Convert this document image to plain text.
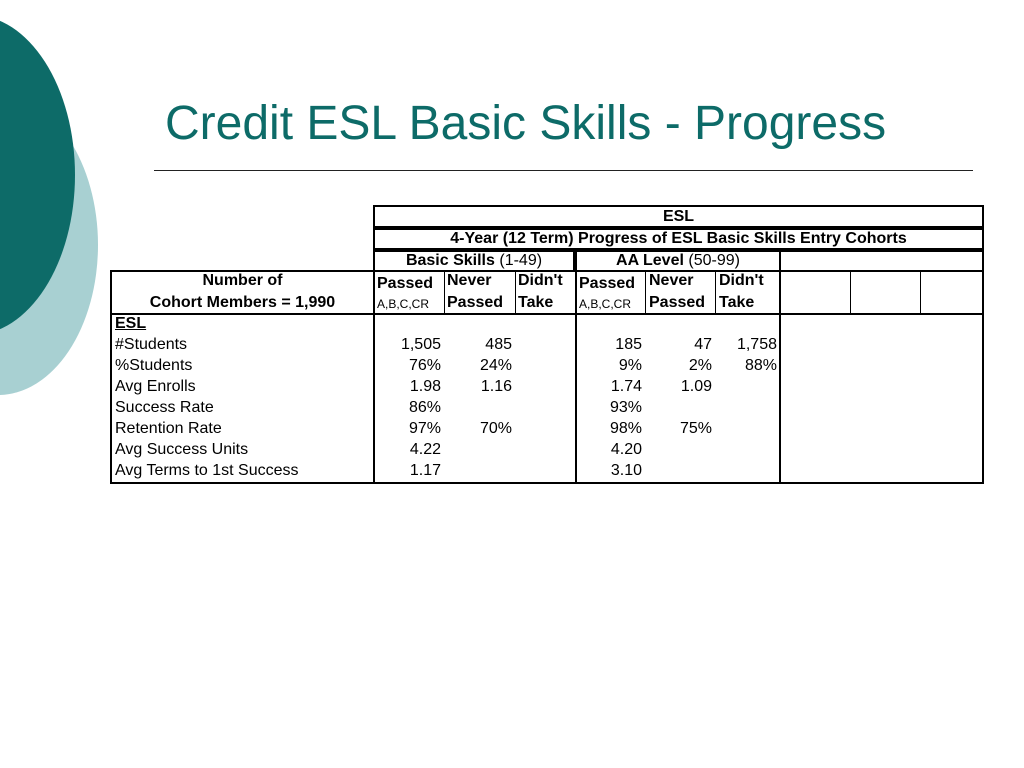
Credit ESL Basic Skills - Progress
ESL
4-Year (12 Term) Progress of ESL Basic Skills Entry Cohorts
Basic Skills (1-49)	AA Level (50-99)
Number of
Cohort Members = 1,990
Passed
A,B,C,CR
Never
Passed
Didn't
Take
Passed
A,B,C,CR
Never
Passed
Didn't
Take
ESL
#Students
%Students
Avg Enrolls
Success Rate
Retention Rate
Avg Success Units
Avg Terms to 1st Success
1,505
76%
1.98
86%
97%
4.22
1.17
485
24%
1.16
70%
185
9%
1.74
93%
98%
4.20
3.10
47
2%
1.09
75%
1,758
88%
